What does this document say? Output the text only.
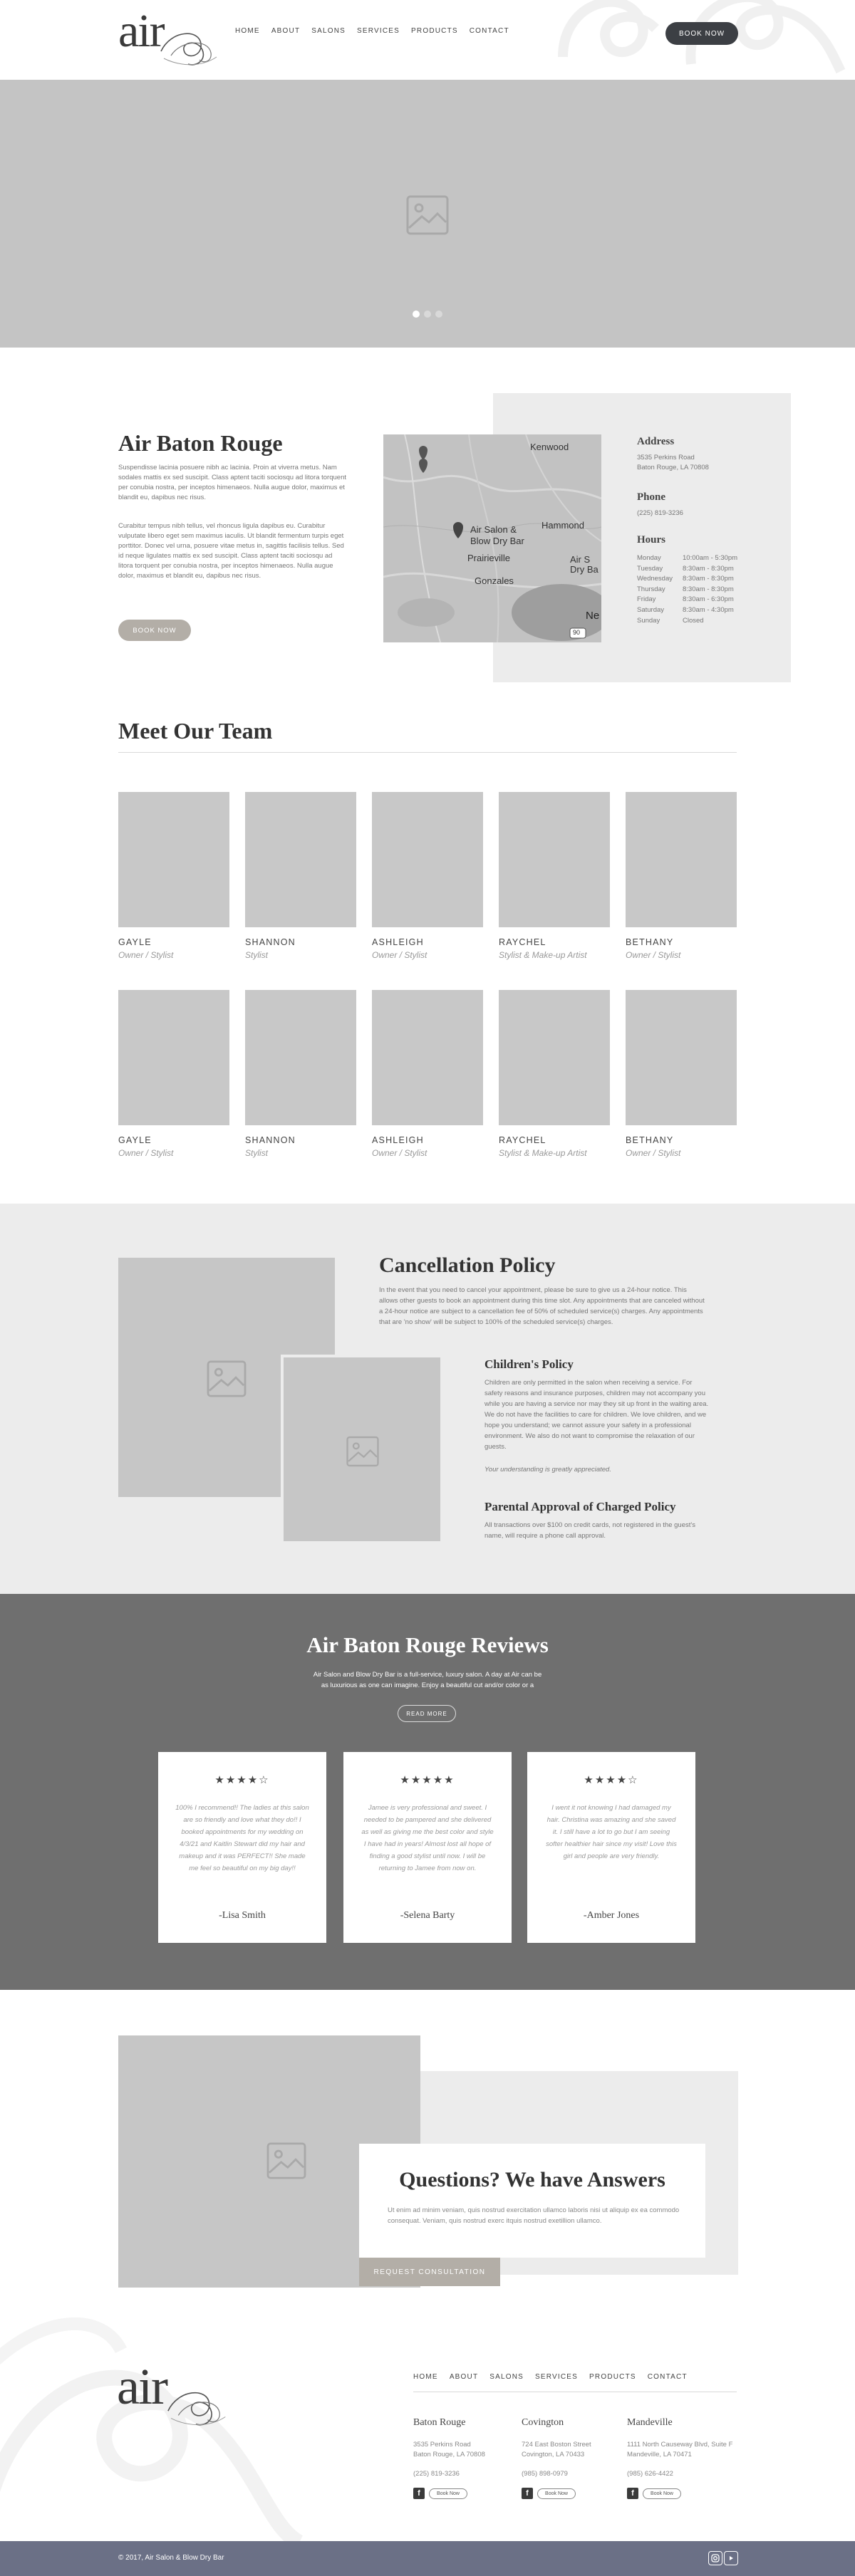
air	HOME ABOUT SALONS SERVICES PRODUCTS CONTACT	BOOK NOW
Air Baton Rouge

Suspendisse lacinia posuere nibh ac lacinia. Proin at viverra metus. Nam sodales mattis ex sed suscipit. Class aptent taciti sociosqu ad litora torquent per conubia nostra, per inceptos himenaeos. Nulla augue dolor, maximus et blandit eu, dapibus nec risus.

Curabitur tempus nibh tellus, vel rhoncus ligula dapibus eu. Curabitur vulputate libero eget sem maximus iaculis. Ut blandit fermentum turpis eget porttitor. Donec vel urna, posuere vitae metus in, sagittis facilisis tellus. Sed id neque ligulates mattis ex sed suscipit. Class aptent taciti sociosqu ad litora torquent per conubia nostra, per inceptos himenaeos. Nulla augue dolor, maximus et blandit eu, dapibus nec risus.

BOOK NOW
Kenwood
Hammond
Air Salon &
Blow Dry Bar
Prairieville
Gonzales
Air S
Dry Ba
Ne
90
Address

3535 Perkins Road

Baton Rouge, LA 70808

Phone

(225) 819-3236

Hours
Monday	10:00am - 5:30pm
Tuesday	8:30am - 8:30pm
Wednesday	8:30am - 8:30pm
Thursday	8:30am - 8:30pm
Friday	8:30am - 6:30pm
Saturday	8:30am - 4:30pm
Sunday	Closed
Meet Our Team
GAYLE
Owner / Stylist
SHANNON
Stylist
ASHLEIGH
Owner / Stylist
RAYCHEL
Stylist & Make-up Artist
BETHANY
Owner / Stylist
GAYLE
Owner / Stylist
SHANNON
Stylist
ASHLEIGH
Owner / Stylist
RAYCHEL
Stylist & Make-up Artist
BETHANY
Owner / Stylist
Cancellation Policy

In the event that you need to cancel your appointment, please be sure to give us a 24-hour notice. This allows other guests to book an appointment during this time slot. Any appointments that are canceled without a 24-hour notice are subject to a cancellation fee of 50% of scheduled service(s) charges. Any appointments that are 'no show' will be subject to 100% of the scheduled service(s) charges.

Children's Policy

Children are only permitted in the salon when receiving a service. For safety reasons and insurance purposes, children may not accompany you while you are having a service nor may they sit up front in the waiting area. We do not have the facilities to care for children. We love children, and we hope you understand; we cannot assure your safety in a professional environment. We also do not want to compromise the relaxation of our guests.

Your understanding is greatly appreciated.

Parental Approval of Charged Policy

All transactions over $100 on credit cards, not registered in the guest's name, will require a phone call approval.

Air Baton Rouge Reviews
Air Salon and Blow Dry Bar is a full-service, luxury salon. A day at Air can be
as luxurious as one can imagine. Enjoy a beautiful cut and/or color or a
READ MORE
★★★★☆

100% I recommend!! The ladies at this salon are so friendly and love what they do!! I booked appointments for my wedding on 4/3/21 and Kaitlin Stewart did my hair and makeup and it was PERFECT!! She made me feel so beautiful on my big day!!

-Lisa Smith
★★★★★

Jamee is very professional and sweet. I needed to be pampered and she delivered as well as giving me the best color and style I have had in years! Almost lost all hope of finding a good stylist until now. I will be returning to Jamee from now on.

-Selena Barty
★★★★☆

I went it not knowing I had damaged my hair. Christina was amazing and she saved it. I still have a lot to go but I am seeing softer healthier hair since my visit! Love this girl and people are very friendly.

-Amber Jones
Questions? We have Answers

Ut enim ad minim veniam, quis nostrud exercitation ullamco laboris nisi ut aliquip ex ea commodo consequat. Veniam, quis nostrud exerc itquis nostrud exetillion ullamco.

REQUEST CONSULTATION
air	HOME ABOUT SALONS SERVICES PRODUCTS CONTACT
Baton Rouge
3535 Perkins Road
Baton Rouge, LA 70808
(225) 819-3236
f	Book Now
Covington
724 East Boston Street
Covington, LA 70433
(985) 898-0979
f	Book Now
Mandeville
1111 North Causeway Blvd, Suite F
Mandeville, LA 70471
(985) 626-4422
f	Book Now
© 2017, Air Salon & Blow Dry Bar
